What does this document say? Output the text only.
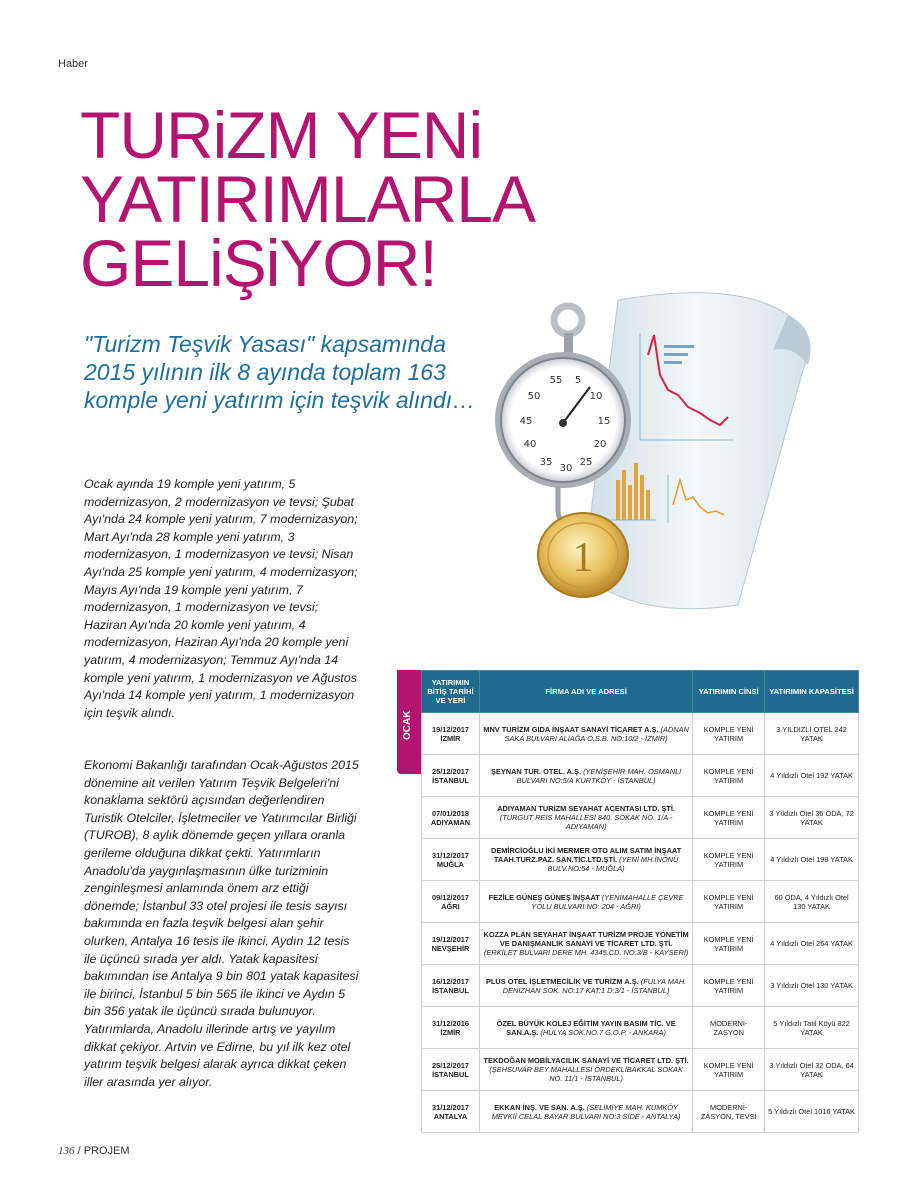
Haber
TURiZM YENi
YATIRIMLARLA
GELiŞiYOR!

"Turizm Teşvik Yasası" kapsamında 2015 yılının ilk 8 ayında toplam 163 komple yeni yatırım için teşvik alındı…

Ocak ayında 19 komple yeni yatırım, 5 modernizasyon, 2 modernizasyon ve tevsi; Şubat Ayı'nda 24 komple yeni yatırım, 7 modernizasyon; Mart Ayı'nda 28 komple yeni yatırım, 3 modernizasyon, 1 modernizasyon ve tevsi; Nisan Ayı'nda 25 komple yeni yatırım, 4 modernizasyon; Mayıs Ayı'nda 19 komple yeni yatırım, 7 modernizasyon, 1 modernizasyon ve tevsi; Haziran Ayı'nda 20 komle yeni yatırım, 4 modernizasyon, Haziran Ayı'nda 20 komple yeni yatırım, 4 modernizasyon; Temmuz Ayı'nda 14 komple yeni yatırım, 1 modernizasyon ve Ağustos Ayı'nda 14 komple yeni yatırım, 1 modernizasyon için teşvik alındı.

Ekonomi Bakanlığı tarafından Ocak-Ağustos 2015 dönemine ait verilen Yatırım Teşvik Belgeleri'ni konaklama sektörü açısından değerlendiren Turistik Otelciler, İşletmeciler ve Yatırımcılar Birliği (TUROB), 8 aylık dönemde geçen yıllara oranla gerileme olduğuna dikkat çekti. Yatırımların Anadolu'da yaygınlaşmasının ülke turizminin zenginleşmesi anlamında önem arz ettiği dönemde; İstanbul 33 otel projesi ile tesis sayısı bakımında en fazla teşvik belgesi alan şehir olurken, Antalya 16 tesis ile ikinci, Aydın 12 tesis ile üçüncü sırada yer aldı. Yatak kapasitesi bakımından ise Antalya 9 bin 801 yatak kapasitesi ile birinci, İstanbul 5 bin 565 ile ikinci ve Aydın 5 bin 356 yatak ile üçüncü sırada bulunuyor. Yatırımlarda, Anadolu illerinde artış ve yayılım dikkat çekiyor. Artvin ve Edirne, bu yıl ilk kez otel yatırım teşvik belgesi alarak ayrıca dikkat çeken iller arasında yer alıyor.

55 5
50	10
45	15
40	20
35	25
30
1
OCAK
YATIRIMIN BİTİŞ TARİHİ VE YERİ	FİRMA ADI VE ADRESİ	YATIRIMIN CİNSİ	YATIRIMIN KAPASİTESİ

19/12/2017
İZMİR	MNV TURİZM GIDA İNŞAAT SANAYİ TİCARET A.Ş. (ADNAN SAKA BULVARI ALİAĞA O.S.B. NO:10/2 - İZMİR)	KOMPLE YENİ YATIRIM	3 YILDIZLI OTEL 242 YATAK

25/12/2017
İSTANBUL	ŞEYNAN TUR. OTEL. A.Ş. (YENİŞEHİR MAH. OSMANLI BULVARI NO:5/A KURTKÖY - İSTANBUL)	KOMPLE YENİ YATIRIM	4 Yıldızlı Otel 192 YATAK

07/01/2018
ADIYAMAN	ADIYAMAN TURİZM SEYAHAT ACENTASI LTD. ŞTİ. (TURGUT REİS MAHALLESİ 840. SOKAK NO. 1/A - ADIYAMAN)	KOMPLE YENİ YATIRIM	3 Yıldızlı Otel 36 ODA, 72 YATAK

31/12/2017
MUĞLA	DEMİRCİOĞLU İKİ MERMER OTO ALIM SATIM İNŞAAT TAAH.TURZ.PAZ. SAN.TİC.LTD.ŞTİ. (YENİ MH.İNÖNÜ BULV.NO:54 - MUĞLA)	KOMPLE YENİ YATIRIM	4 Yıldızlı Otel 198 YATAK

09/12/2017
AĞRI	FEZİLE GÜNEŞ GÜNEŞ İNŞAAT (YENİMAHALLE ÇEVRE YOLU BULVARI NO: 204 - AĞRI)	KOMPLE YENİ YATIRIM	60 ODA, 4 Yıldızlı Otel 130 YATAK

19/12/2017
NEVŞEHİR	KOZZA PLAN SEYAHAT İNŞAAT TURİZM PROJE YÖNETİM VE DANIŞMANLIK SANAYİ VE TİCARET LTD. ŞTİ. (ERKİLET BULVARI DERE MH. 4345.CD. NO:3/B - KAYSERİ)	KOMPLE YENİ YATIRIM	4 Yıldızlı Otel 264 YATAK

16/12/2017
İSTANBUL	PLUS OTEL İŞLETMECİLİK VE TURİZM A.Ş. (FULYA MAH. DENİZHAN SOK. NO:17 KAT:1 D:3/1 - İSTANBUL)	KOMPLE YENİ YATIRIM	3 Yıldızlı Otel 130 YATAK

31/12/2016
İZMİR	ÖZEL BÜYÜK KOLEJ EĞİTİM YAYIN BASIM TİC. VE SAN.A.Ş. (HÜLYA SOK.NO.7 G.O.P. - ANKARA)	MODERNİ-ZASYON	5 Yıldızlı Tatil Köyü 822 YATAK

25/12/2017
İSTANBUL	TEKDOĞAN MOBİLYACILIK SANAYİ VE TİCARET LTD. ŞTİ. (ŞEHSUVAR BEY MAHALLESİ ÖRDEKLİBAKKAL SOKAK NO. 11/1 - İSTANBUL)	KOMPLE YENİ YATIRIM	3 Yıldızlı Otel 32 ODA, 64 YATAK

31/12/2017
ANTALYA	EKKAN İNŞ. VE SAN. A.Ş. (SELİMİYE MAH. KUMKÖY MEVKİİ CELAL BAYAR BULVARI NO:3 SİDE - ANTALYA)	MODERNİ-ZASYON, TEVSİ	5 Yıldızlı Otel 1016 YATAK
136 / PROJEM
